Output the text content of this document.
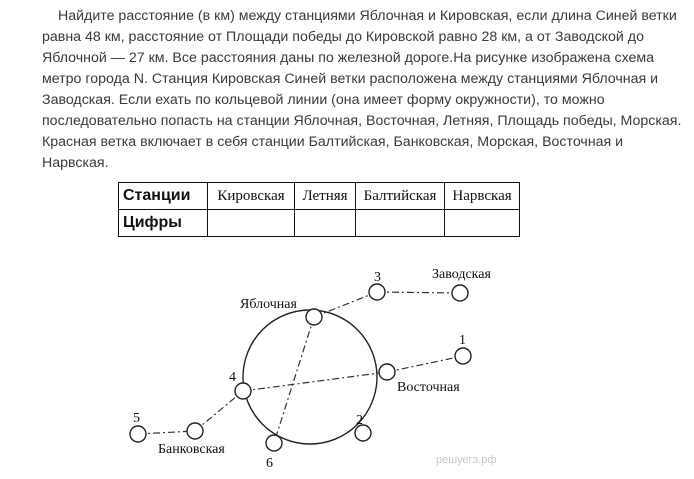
Найдите расстояние (в км) между станциями Яблочная и Кировская, если длина Синей ветки равна 48 км, расстояние от Площади победы до Кировской равно 28 км, а от Заводской до Яблочной — 27 км. Все расстояния даны по железной дороге.На рисунке изображена схема метро города N. Станция Кировская Синей ветки расположена между станциями Яблочная и Заводская. Если ехать по кольцевой линии (она имеет форму окружности), то можно последовательно попасть на станции Яблочная, Восточная, Летняя, Площадь победы, Морская. Красная ветка включает в себя станции Балтийская, Банковская, Морская, Восточная и Нарвская.

Станции	Кировская	Летняя	Балтийская	Нарвская
Цифры				
Яблочная
Заводская
Восточная
Банковская
3
1
4
2
5
6	решуегэ.рф
